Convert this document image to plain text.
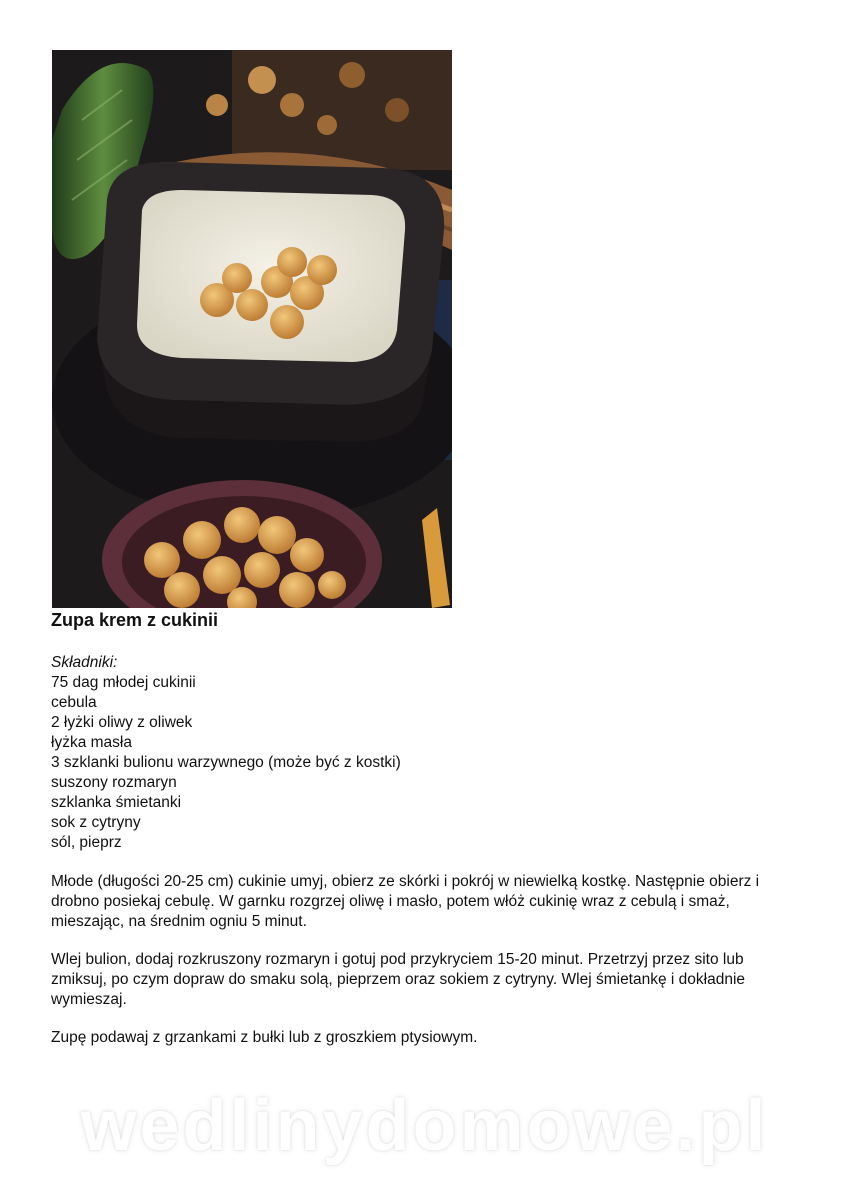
Zupa krem z cukinii
Składniki:
75 dag młodej cukinii
cebula
2 łyżki oliwy z oliwek
łyżka masła
3 szklanki bulionu warzywnego (może być z kostki)
suszony rozmaryn
szklanka śmietanki
sok z cytryny
sól, pieprz

Młode (długości 20-25 cm) cukinie umyj, obierz ze skórki i pokrój w niewielką kostkę. Następnie obierz i drobno posiekaj cebulę. W garnku rozgrzej oliwę i masło, potem włóż cukinię wraz z cebulą i smaż, mieszając, na średnim ogniu 5 minut.

Wlej bulion, dodaj rozkruszony rozmaryn i gotuj pod przykryciem 15-20 minut. Przetrzyj przez sito lub zmiksuj, po czym dopraw do smaku solą, pieprzem oraz sokiem z cytryny. Wlej śmietankę i dokładnie wymieszaj.

Zupę podawaj z grzankami z bułki lub z groszkiem ptysiowym.

wedlinydomowe.pl
